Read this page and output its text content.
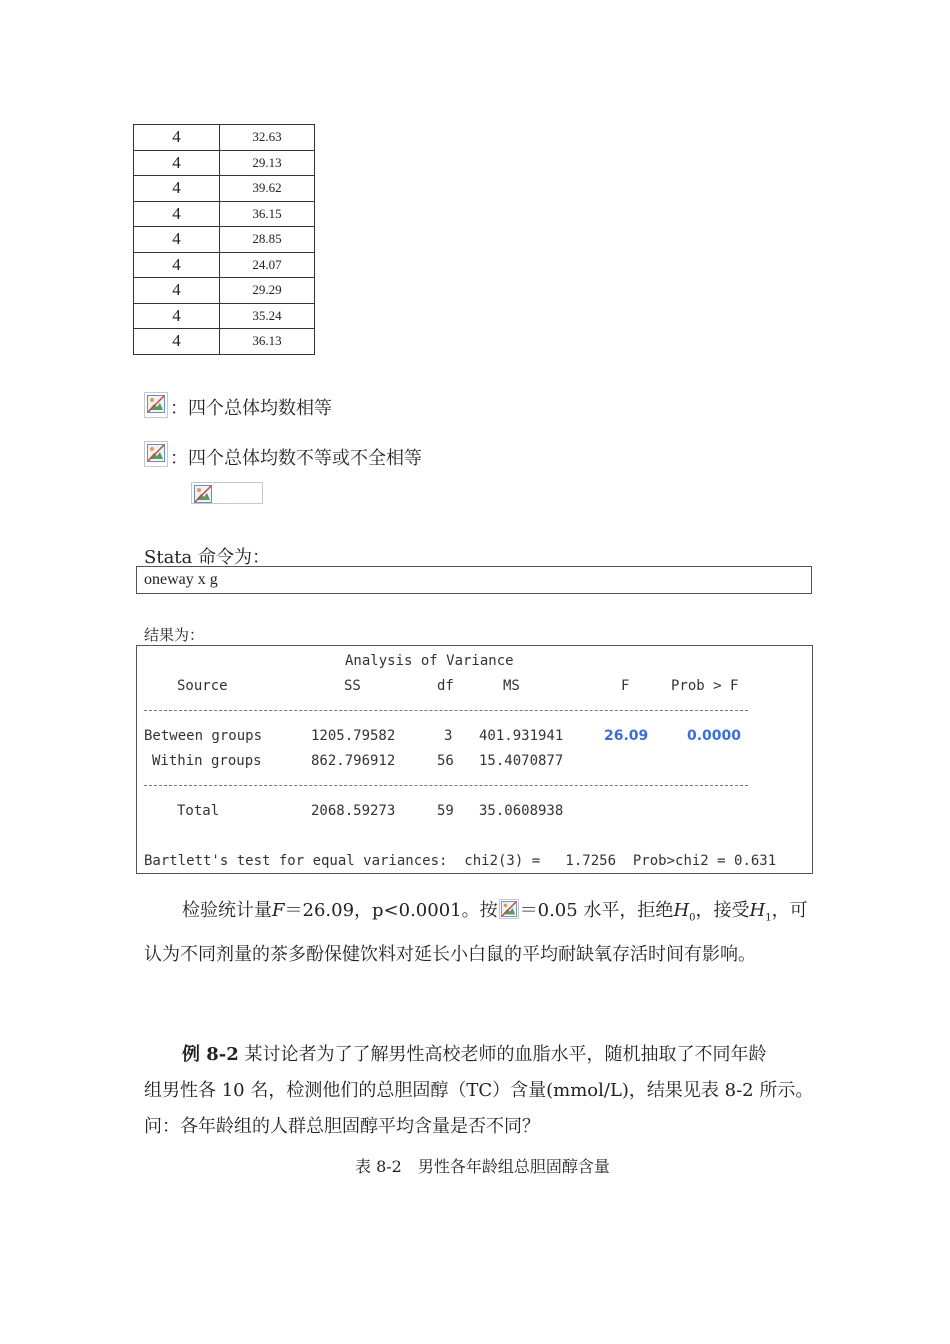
4	32.63
4	29.13
4	39.62
4	36.15
4	28.85
4	24.07
4	29.29
4	35.24
4	36.13
：四个总体均数相等
：四个总体均数不等或不全相等
Stata 命令为：
oneway x g
结果为：
Analysis of Variance
Source	SS	df	MS	F	Prob > F
Between groups	1205.79582	3 401.931941	26.09	0.0000
Within groups	862.796912	56 15.4070877
Total	2068.59273	59 35.0608938
Bartlett's test for equal variances:  chi2(3) =   1.7256  Prob>chi2 = 0.631
检验统计量F＝26.09，p<0.0001。按 ＝0.05 水平，拒绝$H_0$，接受$H_1$，可
认为不同剂量的茶多酚保健饮料对延长小白鼠的平均耐缺氧存活时间有影响。
例 8-2 某讨论者为了了解男性高校老师的血脂水平，随机抽取了不同年龄
组男性各 10 名，检测他们的总胆固醇（TC）含量(mmol/L)，结果见表 8-2 所示。
问：各年龄组的人群总胆固醇平均含量是否不同？
表 8-2　男性各年龄组总胆固醇含量
